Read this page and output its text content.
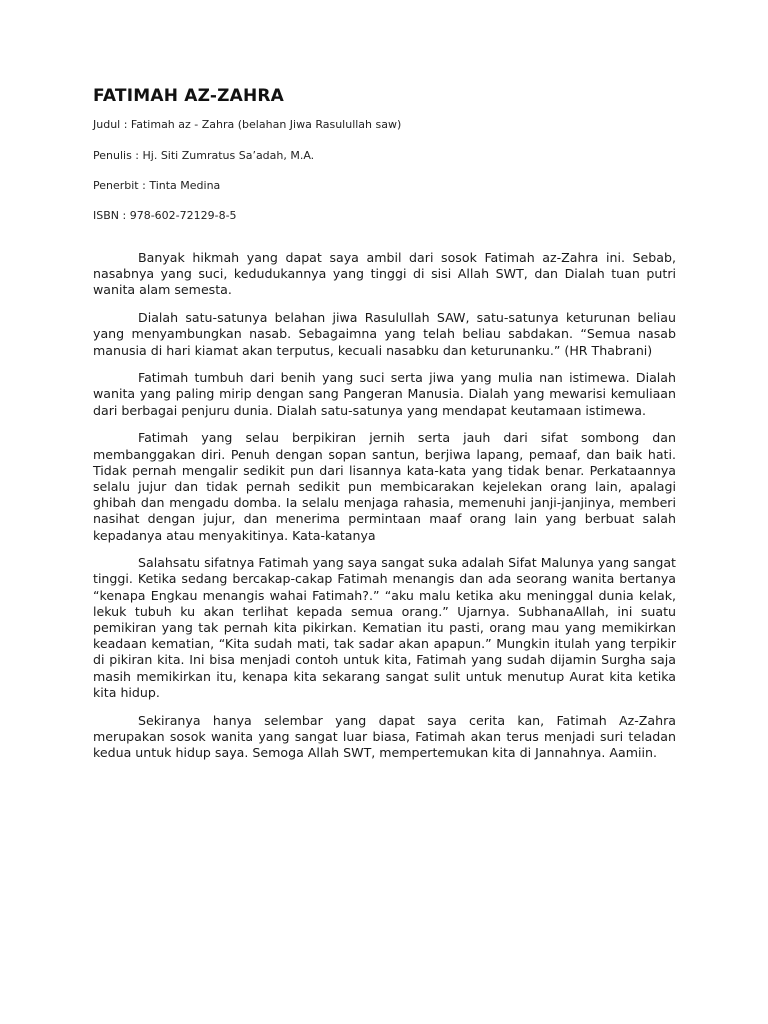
FATIMAH AZ-ZAHRA

Judul : Fatimah az - Zahra (belahan Jiwa Rasulullah saw)

Penulis : Hj. Siti Zumratus Sa’adah, M.A.

Penerbit : Tinta Medina

ISBN : 978-602-72129-8-5

Banyak hikmah yang dapat saya ambil dari sosok Fatimah az-Zahra ini. Sebab, nasabnya yang suci, kedudukannya yang tinggi di sisi Allah SWT, dan Dialah tuan putri wanita alam semesta.

Dialah satu-satunya belahan jiwa Rasulullah SAW, satu-satunya keturunan beliau yang menyambungkan nasab. Sebagaimna yang telah beliau sabdakan. “Semua nasab manusia di hari kiamat akan terputus, kecuali nasabku dan keturunanku.” (HR Thabrani)

Fatimah tumbuh dari benih yang suci serta jiwa yang mulia nan istimewa. Dialah wanita yang paling mirip dengan sang Pangeran Manusia. Dialah yang mewarisi kemuliaan dari berbagai penjuru dunia. Dialah satu-satunya yang mendapat keutamaan istimewa.

Fatimah yang selau berpikiran jernih serta jauh dari sifat sombong dan membanggakan diri. Penuh dengan sopan santun, berjiwa lapang, pemaaf, dan baik hati. Tidak pernah mengalir sedikit pun dari lisannya kata-kata yang tidak benar. Perkataannya selalu jujur dan tidak pernah sedikit pun membicarakan kejelekan orang lain, apalagi ghibah dan mengadu domba. Ia selalu menjaga rahasia, memenuhi janji-janjinya, memberi nasihat dengan jujur, dan menerima permintaan maaf orang lain yang berbuat salah kepadanya atau menyakitinya. Kata-katanya

Salahsatu sifatnya Fatimah yang saya sangat suka adalah Sifat Malunya yang sangat tinggi. Ketika sedang bercakap-cakap Fatimah menangis dan ada seorang wanita bertanya “kenapa Engkau menangis wahai Fatimah?.” “aku malu ketika aku meninggal dunia kelak, lekuk tubuh ku akan terlihat kepada semua orang.” Ujarnya. SubhanaAllah, ini suatu pemikiran yang tak pernah kita pikirkan. Kematian itu pasti, orang mau yang memikirkan keadaan kematian, “Kita sudah mati, tak sadar akan apapun.” Mungkin itulah yang terpikir di pikiran kita. Ini bisa menjadi contoh untuk kita, Fatimah yang sudah dijamin Surgha saja masih memikirkan itu, kenapa kita sekarang sangat sulit untuk menutup Aurat kita ketika kita hidup.

Sekiranya hanya selembar yang dapat saya cerita kan, Fatimah Az-Zahra merupakan sosok wanita yang sangat luar biasa, Fatimah akan terus menjadi suri teladan kedua untuk hidup saya. Semoga Allah SWT, mempertemukan kita di Jannahnya. Aamiin.
